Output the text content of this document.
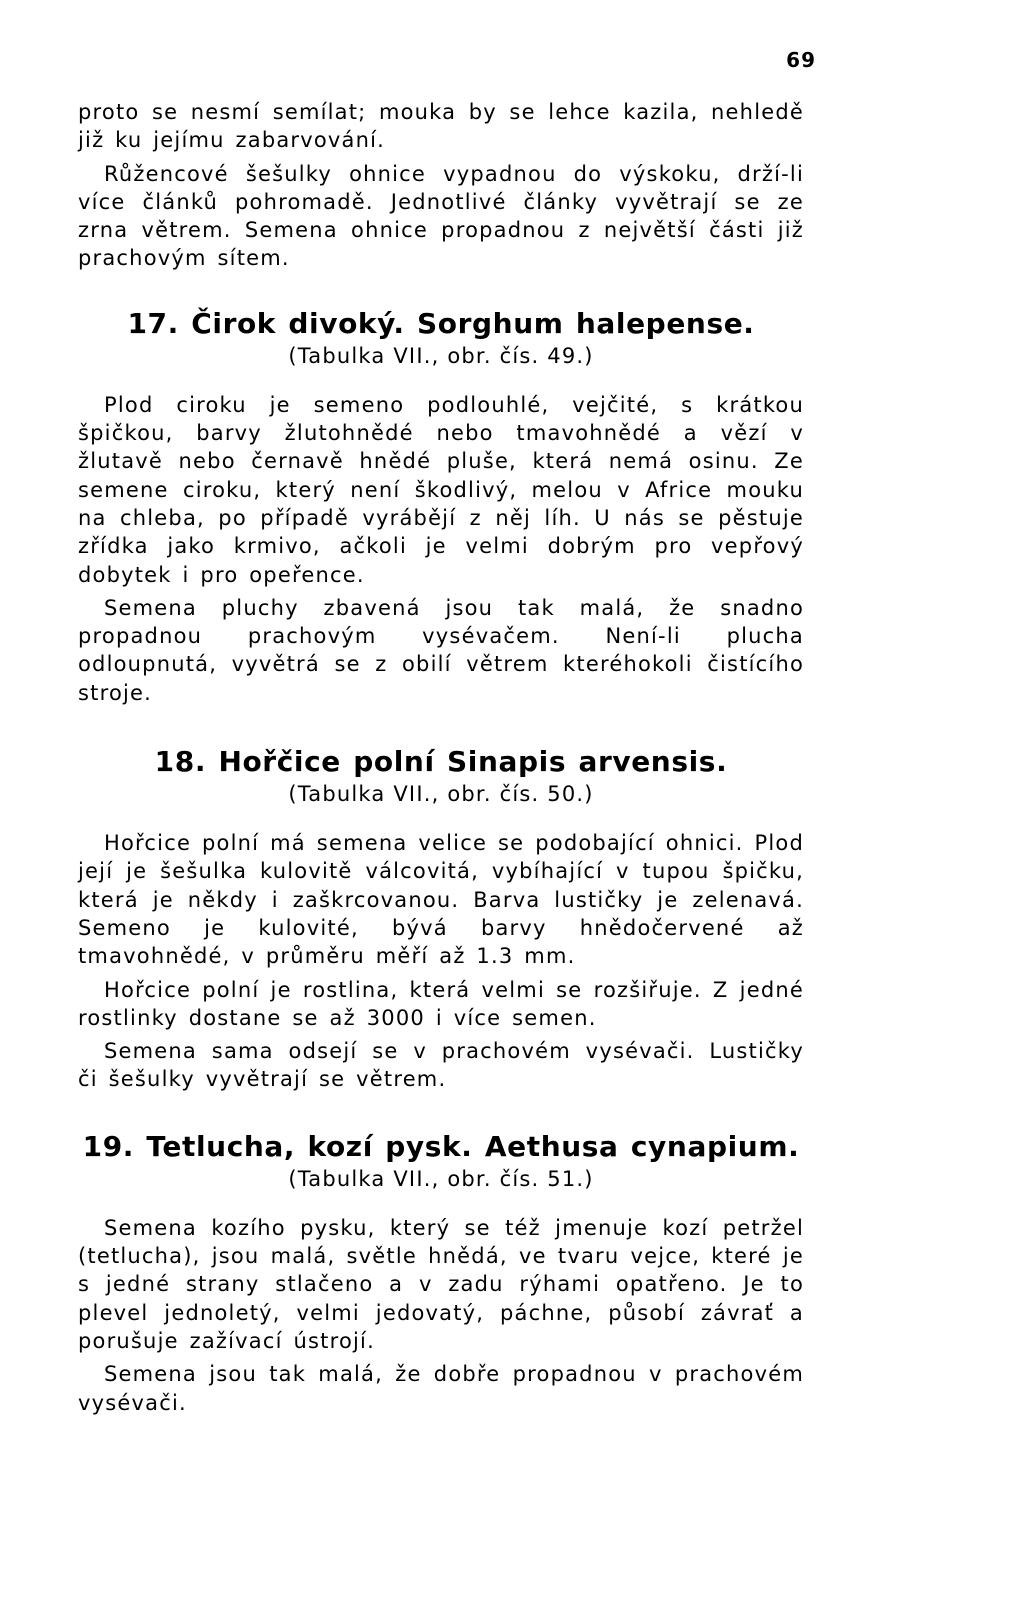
69

proto se nesmí semílat; mouka by se lehce kazila, nehledě již ku jejímu zabarvování.

Růžencové šešulky ohnice vypadnou do výskoku, drží-li více článků pohromadě. Jednotlivé články vyvětrají se ze zrna větrem. Semena ohnice propadnou z největší části již prachovým sítem.

17. Čirok divoký. Sorghum halepense.
(Tabulka VII., obr. čís. 49.)

Plod ciroku je semeno podlouhlé, vejčité, s krátkou špičkou, barvy žlutohnědé nebo tmavohnědé a vězí v žlutavě nebo černavě hnědé pluše, která nemá osinu. Ze semene ciroku, který není škodlivý, melou v Africe mouku na chleba, po případě vyrábějí z něj líh. U nás se pěstuje zřídka jako krmivo, ačkoli je velmi dobrým pro vepřový dobytek i pro opeřence.

Semena pluchy zbavená jsou tak malá, že snadno propadnou prachovým vysévačem. Není-li plucha odloupnutá, vyvětrá se z obilí větrem kteréhokoli čistícího stroje.

18. Hořčice polní Sinapis arvensis.
(Tabulka VII., obr. čís. 50.)

Hořcice polní má semena velice se podobající ohnici. Plod její je šešulka kulovitě válcovitá, vybíhající v tupou špičku, která je někdy i zaškrcovanou. Barva lustičky je zelenavá. Semeno je kulovité, bývá barvy hnědočervené až tmavohnědé, v průměru měří až 1.3 mm.

Hořcice polní je rostlina, která velmi se rozšiřuje. Z jedné rostlinky dostane se až 3000 i více semen.

Semena sama odsejí se v prachovém vysévači. Lustičky či šešulky vyvětrají se větrem.

19. Tetlucha, kozí pysk. Aethusa cynapium.
(Tabulka VII., obr. čís. 51.)

Semena kozího pysku, který se též jmenuje kozí petržel (tetlucha), jsou malá, světle hnědá, ve tvaru vejce, které je s jedné strany stlačeno a v zadu rýhami opatřeno. Je to plevel jednoletý, velmi jedovatý, páchne, působí závrať a porušuje zažívací ústrojí.

Semena jsou tak malá, že dobře propadnou v prachovém vysévači.
